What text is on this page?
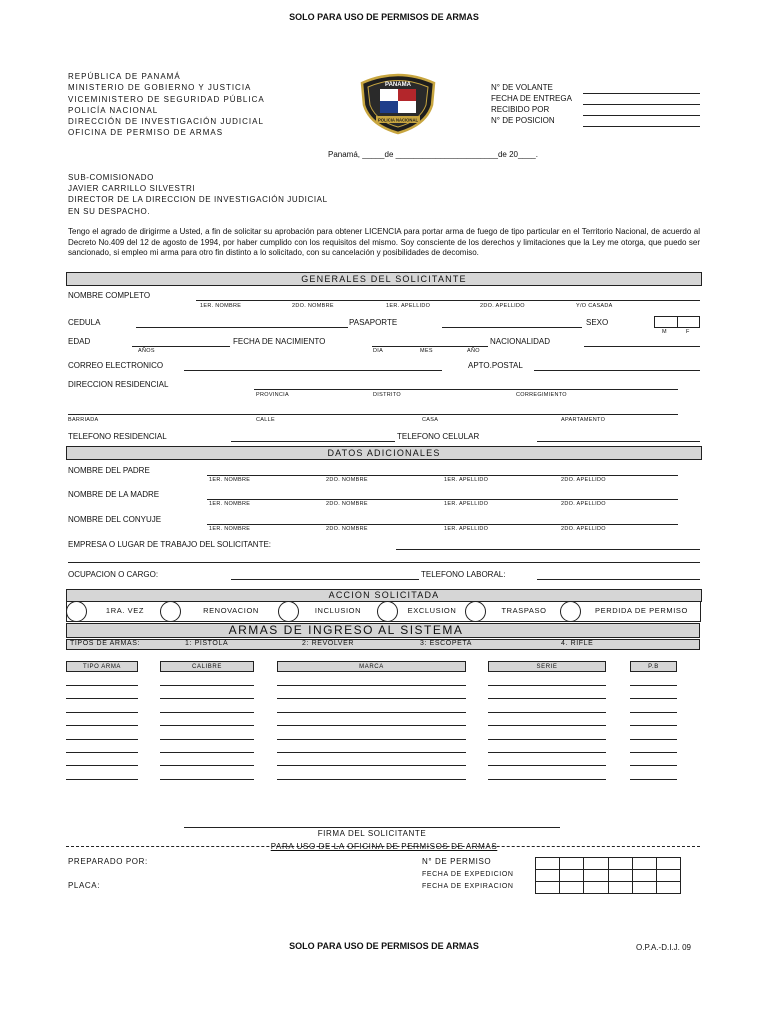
SOLO PARA USO DE PERMISOS DE ARMAS
REPÚBLICA DE PANAMÁ
MINISTERIO DE GOBIERNO Y JUSTICIA
VICEMINISTERO DE SEGURIDAD PÚBLICA
POLICÍA NACIONAL
DIRECCIÓN DE INVESTIGACIÓN JUDICIAL
OFICINA DE PERMISO DE ARMAS
PANAMA
POLICIA NACIONAL
N° DE VOLANTE
FECHA DE ENTREGA
RECIBIDO POR
N° DE POSICION
Panamá, _____de _______________________de 20____.
SUB-COMISIONADO
JAVIER CARRILLO SILVESTRI
DIRECTOR DE LA DIRECCION DE INVESTIGACIÓN JUDICIAL
EN SU DESPACHO.
Tengo el agrado de dirigirme a Usted, a fin de solicitar su aprobación para obtener LICENCIA para portar arma de fuego de tipo particular en el Territorio Nacional, de acuerdo al Decreto No.409 del 12 de agosto de 1994, por haber cumplido con los requisitos del mismo. Soy consciente de los derechos y limitaciones que la Ley me otorga, que puedo ser sancionado, si empleo mi arma para otro fin distinto a lo solicitado, con su cancelación y posibilidades de decomiso.
GENERALES DEL SOLICITANTE
NOMBRE COMPLETO
1ER. NOMBRE	2DO. NOMBRE	1ER. APELLIDO	2DO. APELLIDO	Y/O CASADA
CEDULA	PASAPORTE	SEXO
M	F
EDAD
AÑOS
FECHA DE NACIMIENTO
DIA	MES	AÑO
NACIONALIDAD
CORREO ELECTRONICO	APTO.POSTAL
DIRECCION RESIDENCIAL
PROVINCIA	DISTRITO	CORREGIMIENTO
BARRIADA	CALLE	CASA	APARTAMENTO
TELEFONO RESIDENCIAL	TELEFONO CELULAR
DATOS ADICIONALES
NOMBRE DEL PADRE
1ER. NOMBRE	2DO. NOMBRE	1ER. APELLIDO	2DO. APELLIDO
NOMBRE DE LA MADRE
1ER. NOMBRE	2DO. NOMBRE	1ER. APELLIDO	2DO. APELLIDO
NOMBRE DEL CONYUJE
1ER. NOMBRE	2DO. NOMBRE	1ER. APELLIDO	2DO. APELLIDO
EMPRESA O LUGAR DE TRABAJO DEL SOLICITANTE:
OCUPACION O CARGO:	TELEFONO LABORAL:
ACCION SOLICITADA
1RA. VEZ	RENOVACION	INCLUSION	EXCLUSION	TRASPASO	PERDIDA DE PERMISO
ARMAS DE INGRESO AL SISTEMA
TIPOS DE ARMAS:	1: PISTOLA	2: REVOLVER	3: ESCOPETA	4. RIFLE
TIPO ARMA	CALIBRE	MARCA	SERIE	P.B
FIRMA DEL SOLICITANTE
PARA USO DE LA OFICINA DE PERMISOS DE ARMAS
PREPARADO POR:
PLACA:
N° DE PERMISO
FECHA DE EXPEDICION
FECHA DE EXPIRACION
SOLO PARA USO DE PERMISOS DE ARMAS	O.P.A.-D.I.J. 09
